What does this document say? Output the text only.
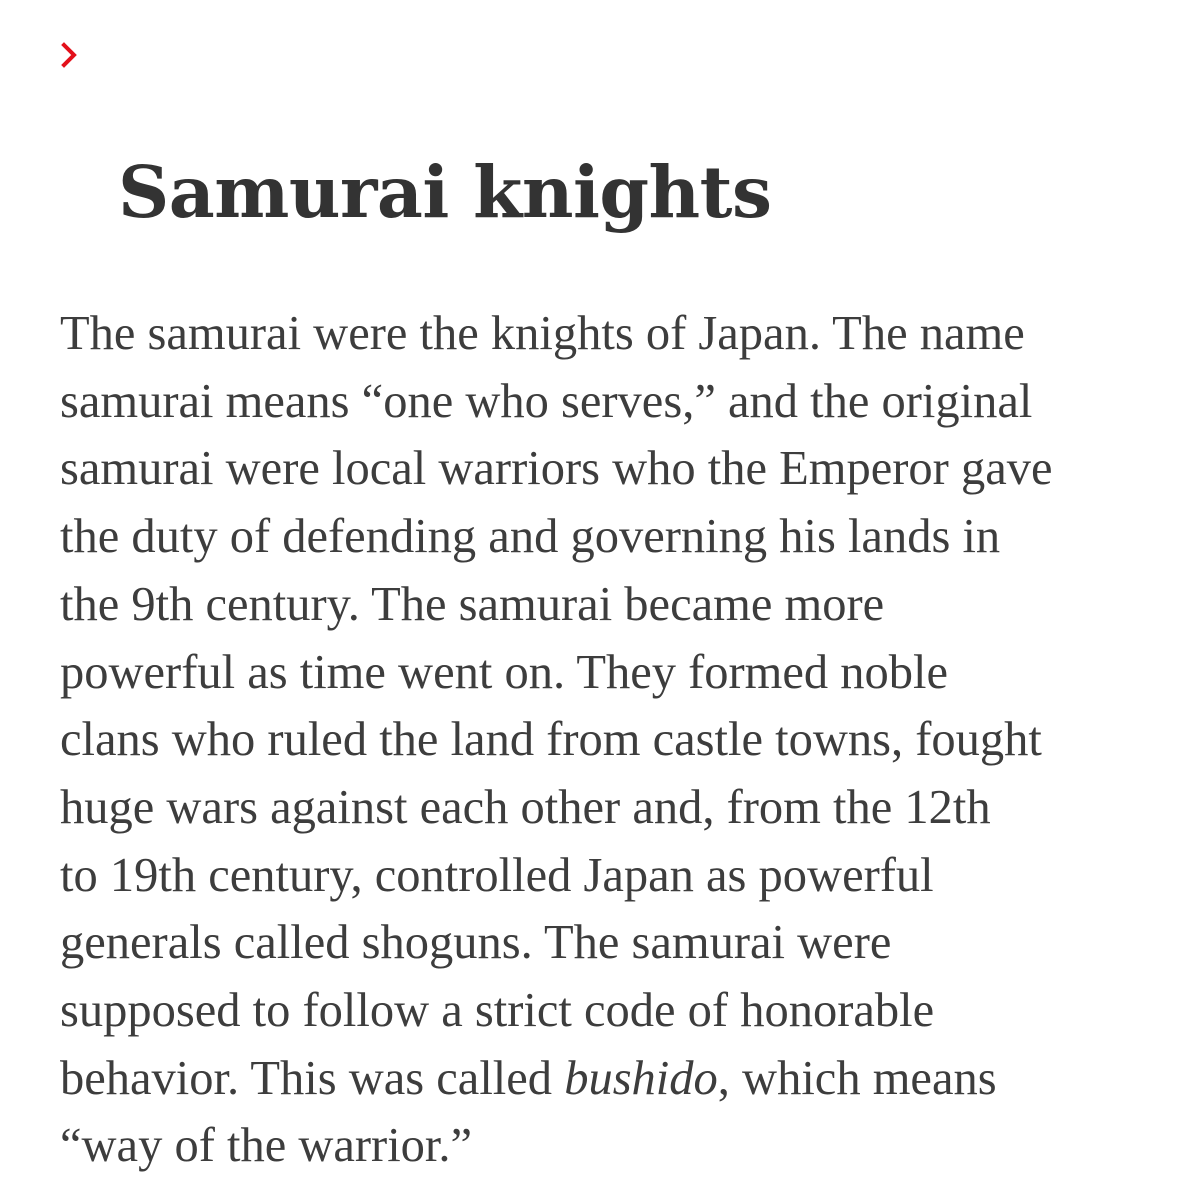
Samurai knights
The samurai were the knights of Japan. The name
samurai means “one who serves,” and the original
samurai were local warriors who the Emperor gave
the duty of defending and governing his lands in
the 9th century. The samurai became more
powerful as time went on. They formed noble
clans who ruled the land from castle towns, fought
huge wars against each other and, from the 12th
to 19th century, controlled Japan as powerful
generals called shoguns. The samurai were
supposed to follow a strict code of honorable
behavior. This was called bushido, which means
“way of the warrior.”
